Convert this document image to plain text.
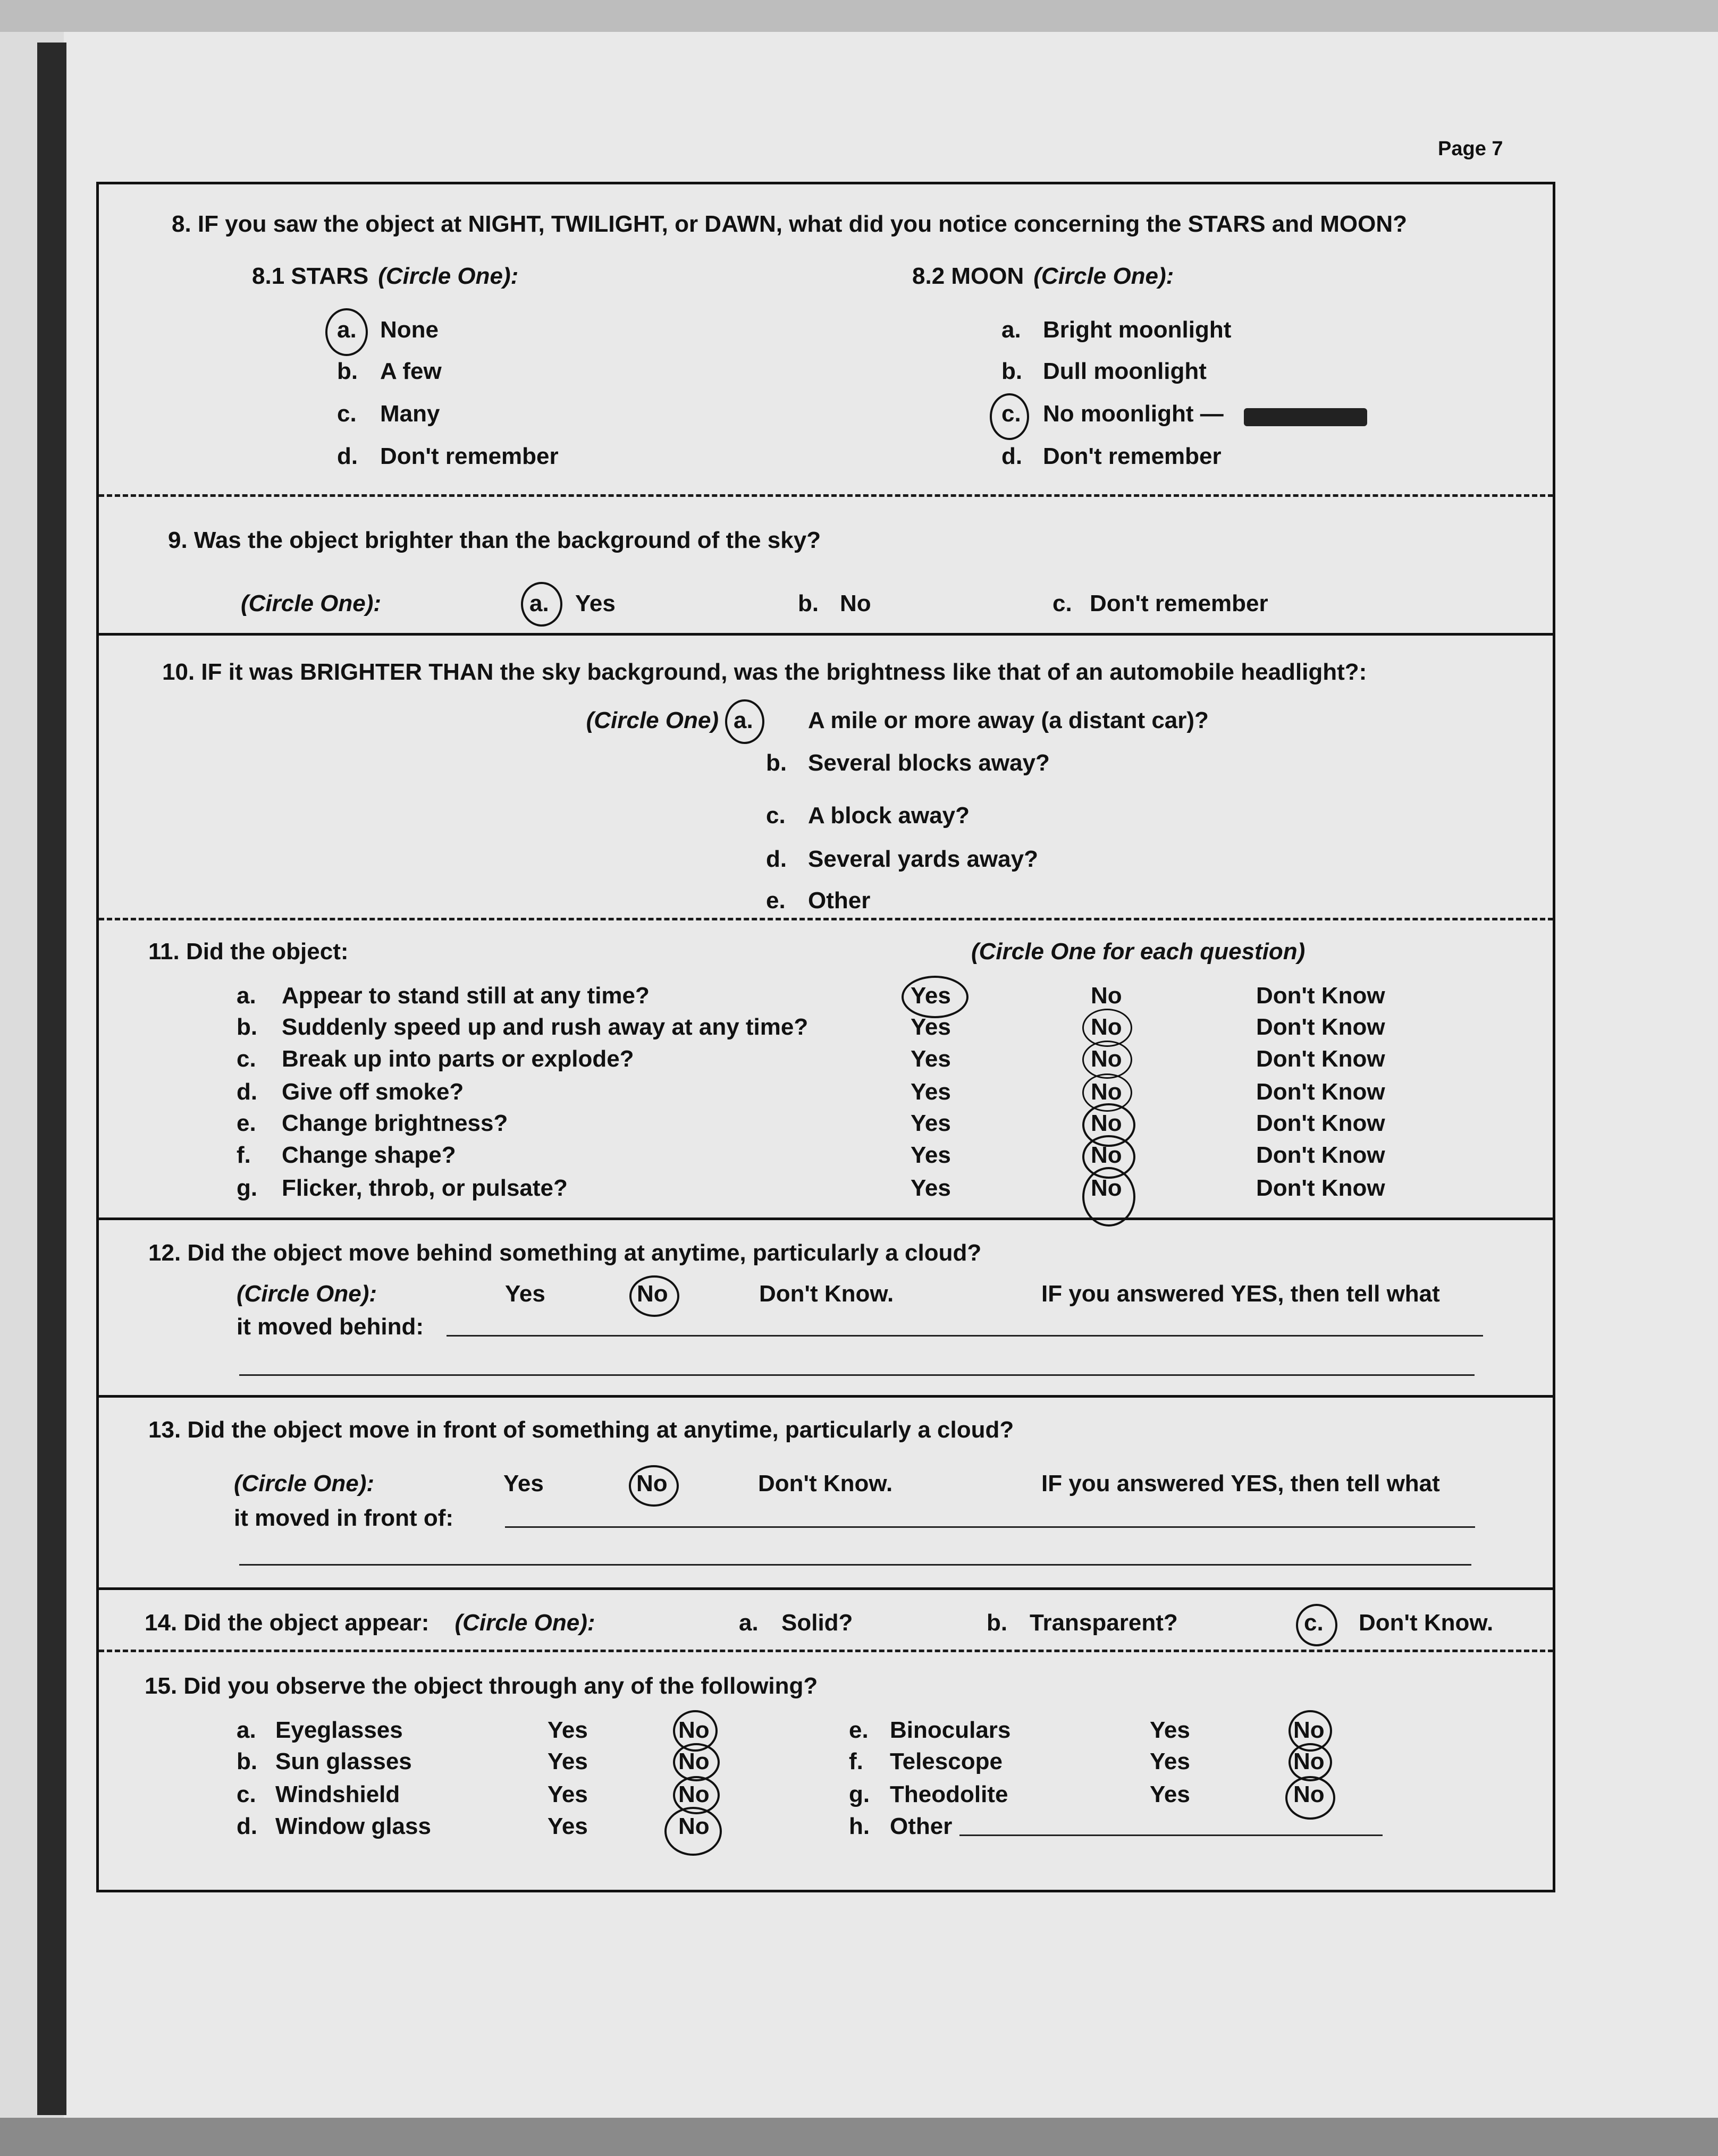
Page 7
8. IF you saw the object at NIGHT, TWILIGHT, or DAWN, what did you notice concerning the STARS and MOON?
8.1 STARS (Circle One):	8.2 MOON (Circle One):
a. None
b. A few
c. Many
d. Don't remember
a. Bright moonlight
b. Dull moonlight
c. No moonlight —
d. Don't remember
9. Was the object brighter than the background of the sky?
(Circle One):	a. Yes	b. No	c. Don't remember
10. IF it was BRIGHTER THAN the sky background, was the brightness like that of an automobile headlight?:
(Circle One) a. A mile or more away (a distant car)?
b. Several blocks away?
c. A block away?
d. Several yards away?
e. Other
11. Did the object:	(Circle One for each question)
a. Appear to stand still at any time?	Yes	No	Don't Know
b. Suddenly speed up and rush away at any time?	Yes	No	Don't Know
c. Break up into parts or explode?	Yes	No	Don't Know
d. Give off smoke?	Yes	No	Don't Know
e. Change brightness?	Yes	No	Don't Know
f. Change shape?	Yes	No	Don't Know
g. Flicker, throb, or pulsate?	Yes	No	Don't Know
12. Did the object move behind something at anytime, particularly a cloud?
(Circle One):	Yes	No	Don't Know.	IF you answered YES, then tell what
it moved behind:
13. Did the object move in front of something at anytime, particularly a cloud?
(Circle One):	Yes	No	Don't Know.	IF you answered YES, then tell what
it moved in front of:
14. Did the object appear: (Circle One):	a. Solid?	b. Transparent?	c. Don't Know.
15. Did you observe the object through any of the following?
a. Eyeglasses	Yes	No
b. Sun glasses	Yes	No
c. Windshield	Yes	No
d. Window glass	Yes	No
e. Binoculars	Yes	No
f. Telescope	Yes	No
g. Theodolite	Yes	No
h. Other
